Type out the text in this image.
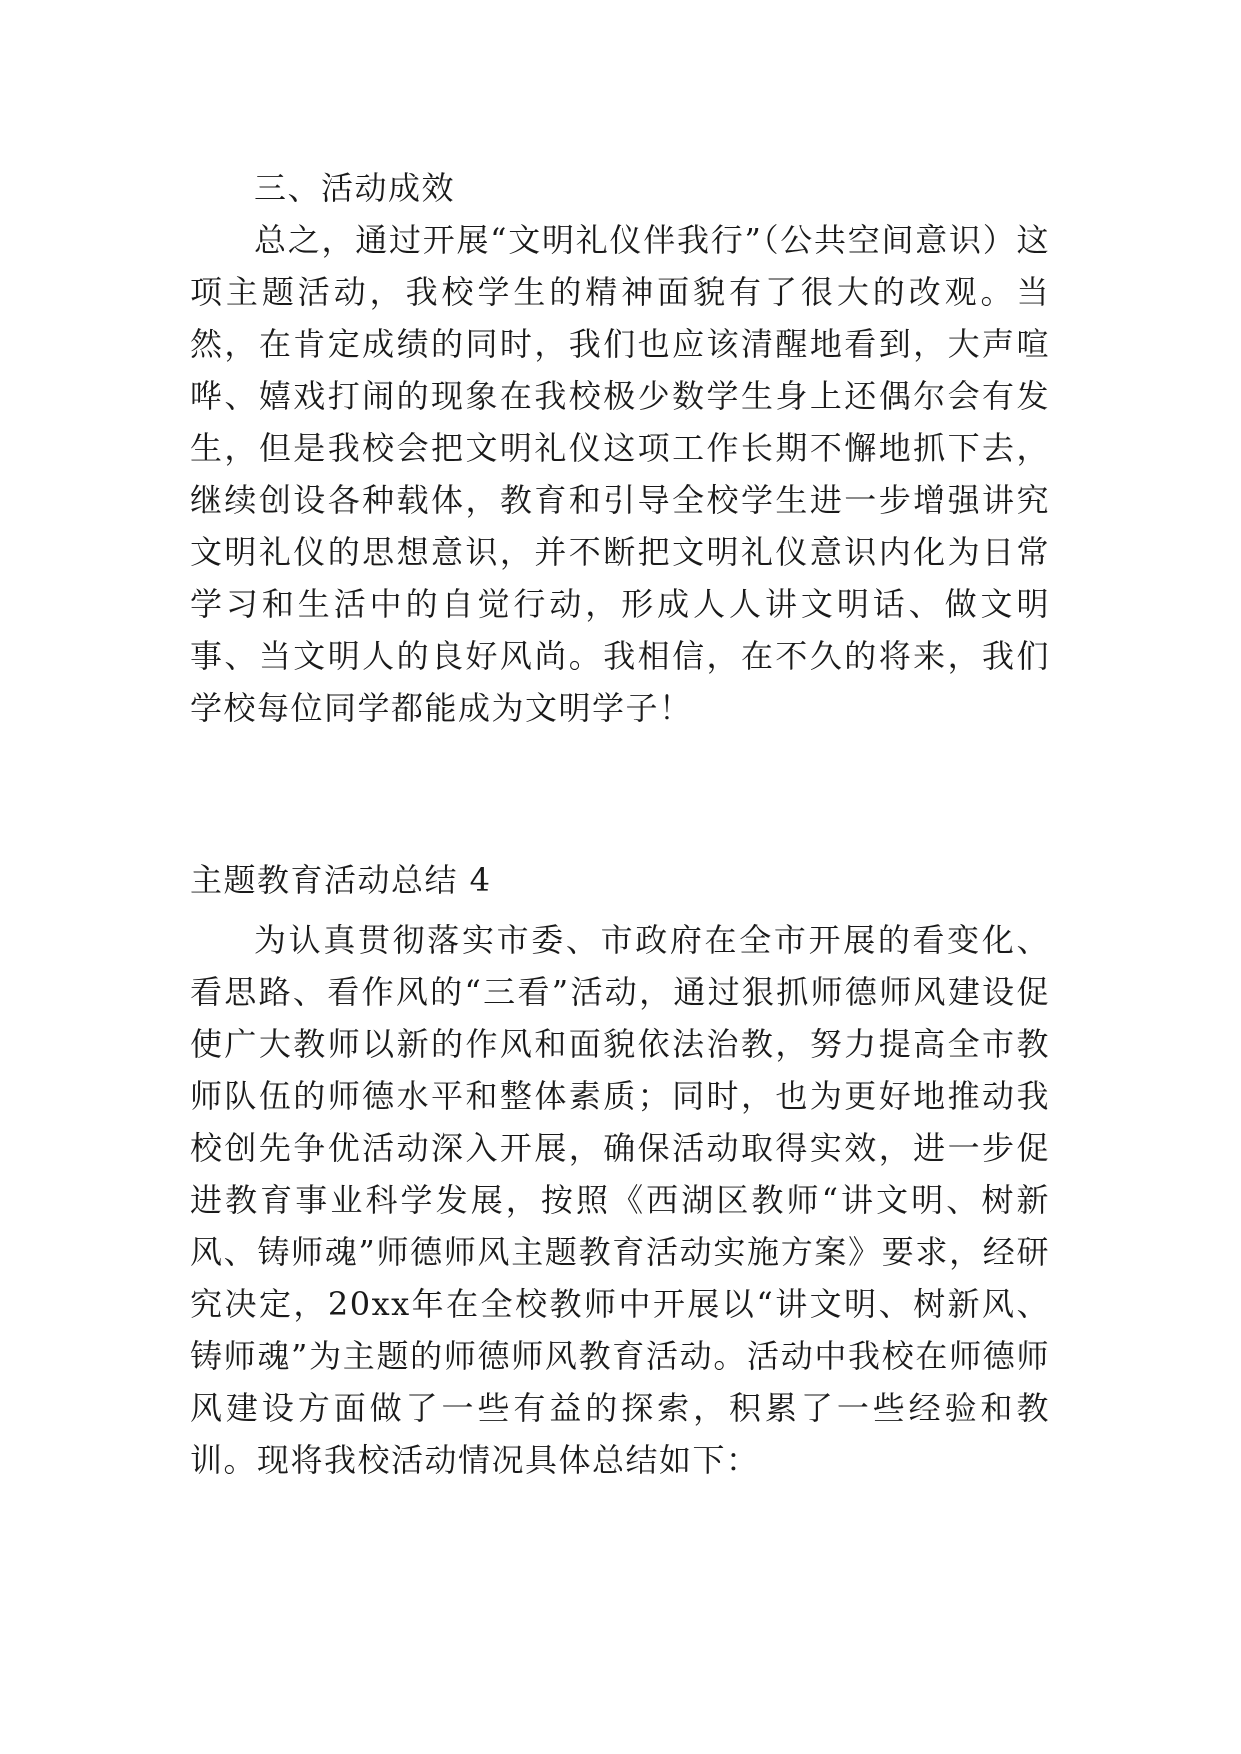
三、活动成效

总之，通过开展“文明礼仪伴我行”（公共空间意识）这项主题活动，我校学生的精神面貌有了很大的改观。当然，在肯定成绩的同时，我们也应该清醒地看到，大声喧哗、嬉戏打闹的现象在我校极少数学生身上还偶尔会有发生，但是我校会把文明礼仪这项工作长期不懈地抓下去，继续创设各种载体，教育和引导全校学生进一步增强讲究文明礼仪的思想意识，并不断把文明礼仪意识内化为日常学习和生活中的自觉行动，形成人人讲文明话、做文明事、当文明人的良好风尚。我相信，在不久的将来，我们学校每位同学都能成为文明学子！

主题教育活动总结 4

为认真贯彻落实市委、市政府在全市开展的看变化、看思路、看作风的“三看”活动，通过狠抓师德师风建设促使广大教师以新的作风和面貌依法治教，努力提高全市教师队伍的师德水平和整体素质；同时，也为更好地推动我校创先争优活动深入开展，确保活动取得实效，进一步促进教育事业科学发展，按照《西湖区教师“讲文明、树新风、铸师魂”师德师风主题教育活动实施方案》要求，经研究决定，20xx年在全校教师中开展以“讲文明、树新风、铸师魂”为主题的师德师风教育活动。活动中我校在师德师风建设方面做了一些有益的探索，积累了一些经验和教训。现将我校活动情况具体总结如下：
